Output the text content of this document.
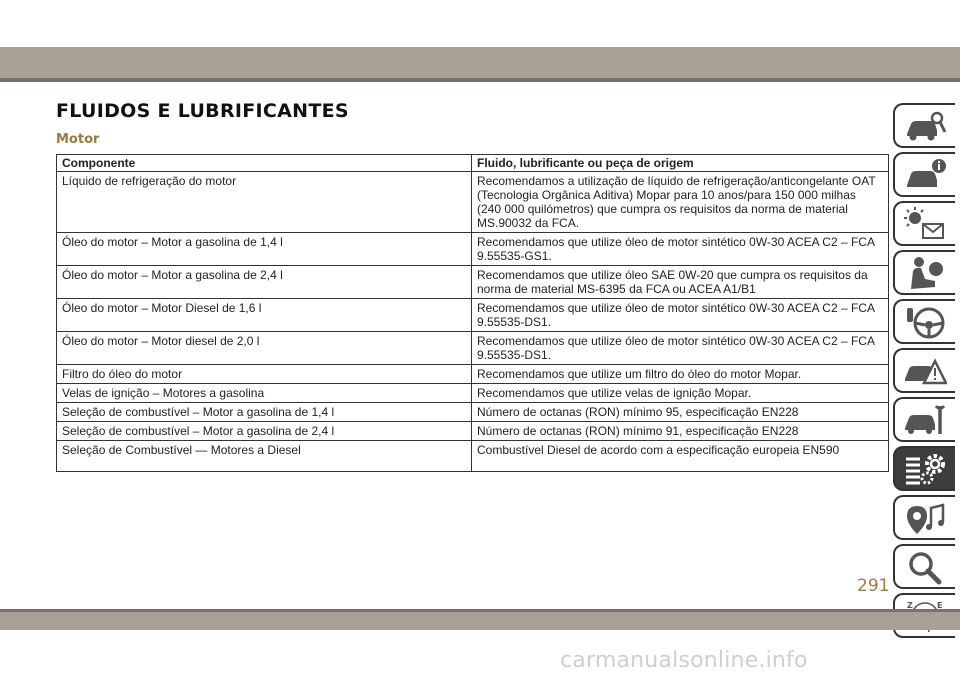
FLUIDOS E LUBRIFICANTES
Motor
Componente	Fluido, lubrificante ou peça de origem
Líquido de refrigeração do motor	Recomendamos a utilização de líquido de refrigeração/anticongelante OAT (Tecnologia Orgânica Aditiva) Mopar para 10 anos/para 150 000 milhas (240 000 quilómetros) que cumpra os requisitos da norma de material MS.90032 da FCA.
Óleo do motor – Motor a gasolina de 1,4 l	Recomendamos que utilize óleo de motor sintético 0W-30 ACEA C2 – FCA 9.55535-GS1.
Óleo do motor – Motor a gasolina de 2,4 l	Recomendamos que utilize óleo SAE 0W-20 que cumpra os requisitos da norma de material MS-6395 da FCA ou ACEA A1/B1
Óleo do motor – Motor Diesel de 1,6 l	Recomendamos que utilize óleo de motor sintético 0W-30 ACEA C2 – FCA 9.55535-DS1.
Óleo do motor – Motor diesel de 2,0 l	Recomendamos que utilize óleo de motor sintético 0W-30 ACEA C2 – FCA 9.55535-DS1.
Filtro do óleo do motor	Recomendamos que utilize um filtro do óleo do motor Mopar.
Velas de ignição – Motores a gasolina	Recomendamos que utilize velas de ignição Mopar.
Seleção de combustível – Motor a gasolina de 1,4 l	Número de octanas (RON) mínimo 95, especificação EN228
Seleção de combustível – Motor a gasolina de 2,4 l	Número de octanas (RON) mínimo 91, especificação EN228
Seleção de Combustível — Motores a Diesel	Combustível Diesel de acordo com a especificação europeia EN590
Z	E
291
carmanualsonline.info
